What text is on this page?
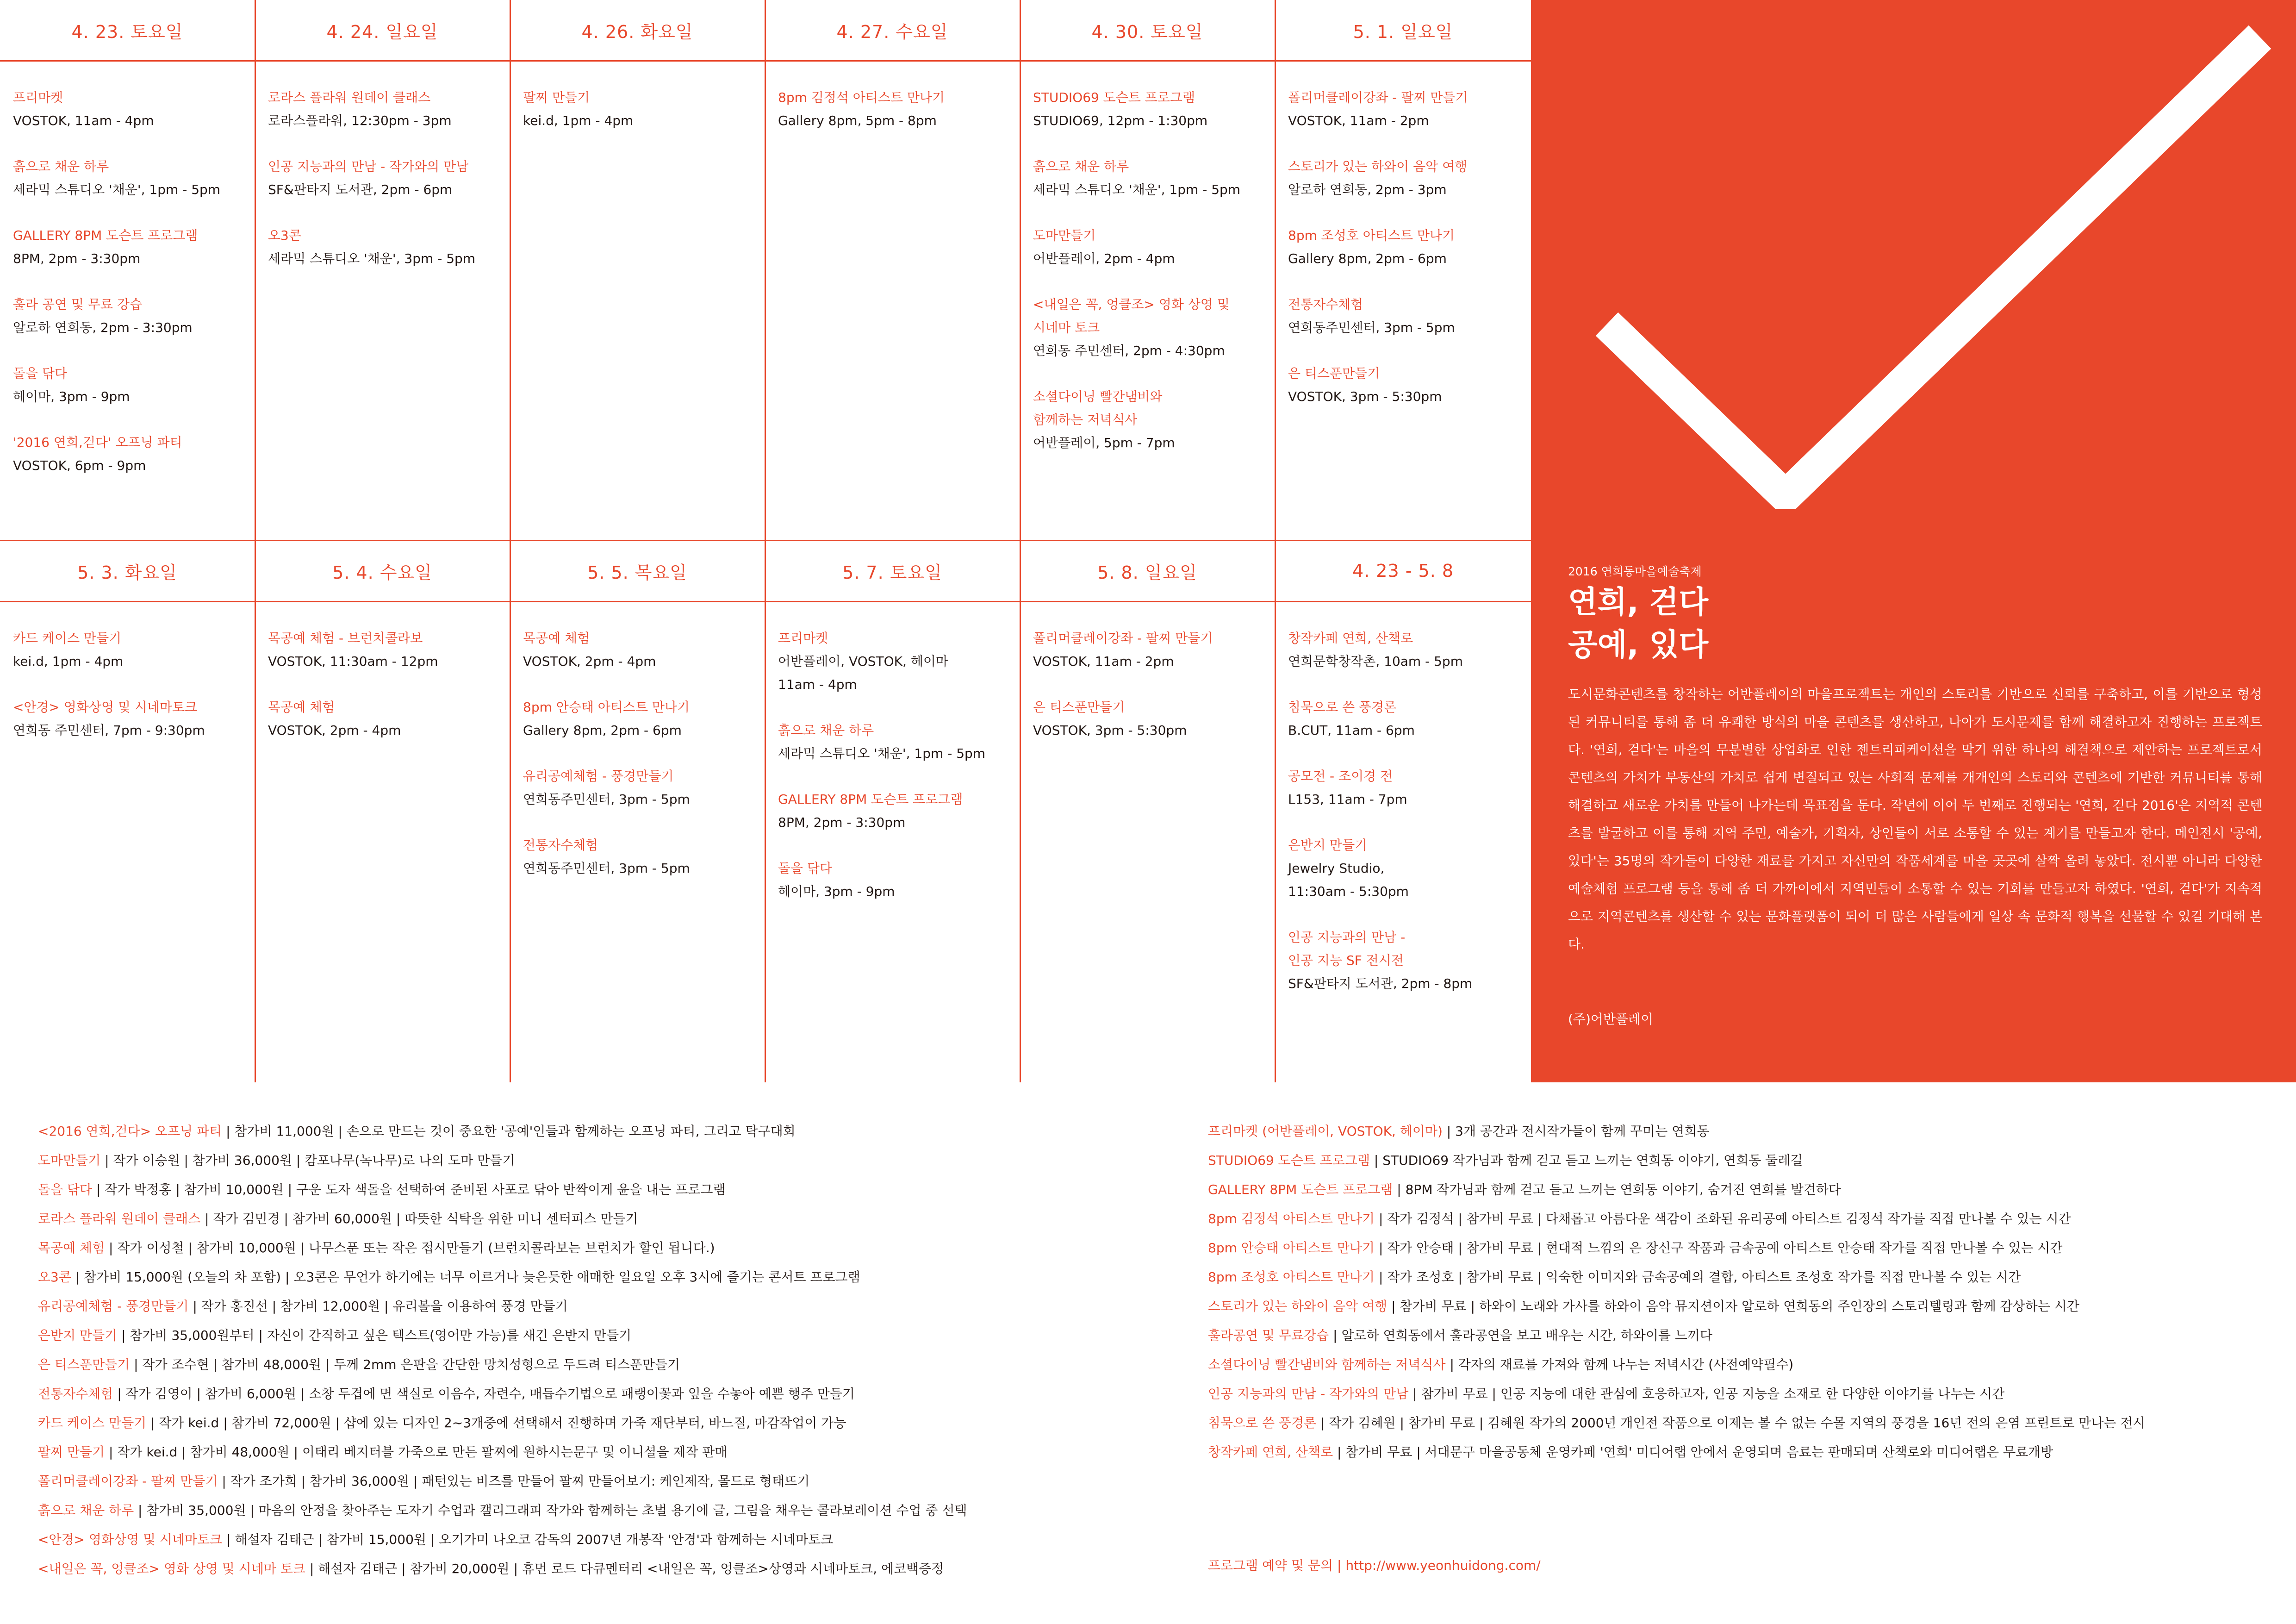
4. 23. 토요일
프리마켓
VOSTOK, 11am - 4pm
흙으로 채운 하루
세라믹 스튜디오 '채운', 1pm - 5pm
GALLERY 8PM 도슨트 프로그램
8PM, 2pm - 3:30pm
훌라 공연 및 무료 강습
알로하 연희동, 2pm - 3:30pm
돌을 닦다
헤이마, 3pm - 9pm
'2016 연희,걷다' 오프닝 파티
VOSTOK, 6pm - 9pm
4. 24. 일요일
로라스 플라워 원데이 클래스
로라스플라워, 12:30pm - 3pm
인공 지능과의 만남 - 작가와의 만남
SF&판타지 도서관, 2pm - 6pm
오3콘
세라믹 스튜디오 '채운', 3pm - 5pm
4. 26. 화요일
팔찌 만들기
kei.d, 1pm - 4pm
4. 27. 수요일
8pm 김정석 아티스트 만나기
Gallery 8pm, 5pm - 8pm
4. 30. 토요일
STUDIO69 도슨트 프로그램
STUDIO69, 12pm - 1:30pm
흙으로 채운 하루
세라믹 스튜디오 '채운', 1pm - 5pm
도마만들기
어반플레이, 2pm - 4pm
<내일은 꼭, 엉클조> 영화 상영 및
시네마 토크
연희동 주민센터, 2pm - 4:30pm
소셜다이닝 빨간냄비와
함께하는 저녁식사
어반플레이, 5pm - 7pm
5. 1. 일요일
폴리머클레이강좌 - 팔찌 만들기
VOSTOK, 11am - 2pm
스토리가 있는 하와이 음악 여행
알로하 연희동, 2pm - 3pm
8pm 조성호 아티스트 만나기
Gallery 8pm, 2pm - 6pm
전통자수체험
연희동주민센터, 3pm - 5pm
은 티스푼만들기
VOSTOK, 3pm - 5:30pm
5. 3. 화요일
카드 케이스 만들기
kei.d, 1pm - 4pm
<안경> 영화상영 및 시네마토크
연희동 주민센터, 7pm - 9:30pm
5. 4. 수요일
목공예 체험 - 브런치콜라보
VOSTOK, 11:30am - 12pm
목공예 체험
VOSTOK, 2pm - 4pm
5. 5. 목요일
목공예 체험
VOSTOK, 2pm - 4pm
8pm 안승태 아티스트 만나기
Gallery 8pm, 2pm - 6pm
유리공예체험 - 풍경만들기
연희동주민센터, 3pm - 5pm
전통자수체험
연희동주민센터, 3pm - 5pm
5. 7. 토요일
프리마켓
어반플레이, VOSTOK, 헤이마
11am - 4pm
흙으로 채운 하루
세라믹 스튜디오 '채운', 1pm - 5pm
GALLERY 8PM 도슨트 프로그램
8PM, 2pm - 3:30pm
돌을 닦다
헤이마, 3pm - 9pm
5. 8. 일요일
폴리머클레이강좌 - 팔찌 만들기
VOSTOK, 11am - 2pm
은 티스푼만들기
VOSTOK, 3pm - 5:30pm
4. 23 - 5. 8
창작카페 연희, 산책로
연희문학창작촌, 10am - 5pm
침묵으로 쓴 풍경론
B.CUT, 11am - 6pm
공모전 - 조이경 전
L153, 11am - 7pm
은반지 만들기
Jewelry Studio,
11:30am - 5:30pm
인공 지능과의 만남 -
인공 지능 SF 전시전
SF&판타지 도서관, 2pm - 8pm
2016 연희동마을예술축제
연희, 걷다
공예, 있다
도시문화콘텐츠를 창작하는 어반플레이의 마을프로젝트는 개인의 스토리를 기반으로 신뢰를 구축하고, 이를 기반으로 형성된 커뮤니티를 통해 좀 더 유쾌한 방식의 마을 콘텐츠를 생산하고, 나아가 도시문제를 함께 해결하고자 진행하는 프로젝트다. '연희, 걷다'는 마을의 무분별한 상업화로 인한 젠트리피케이션을 막기 위한 하나의 해결책으로 제안하는 프로젝트로서 콘텐츠의 가치가 부동산의 가치로 쉽게 변질되고 있는 사회적 문제를 개개인의 스토리와 콘텐츠에 기반한 커뮤니티를 통해 해결하고 새로운 가치를 만들어 나가는데 목표점을 둔다. 작년에 이어 두 번째로 진행되는 '연희, 걷다 2016'은 지역적 콘텐츠를 발굴하고 이를 통해 지역 주민, 예술가, 기획자, 상인들이 서로 소통할 수 있는 계기를 만들고자 한다. 메인전시 '공예, 있다'는 35명의 작가들이 다양한 재료를 가지고 자신만의 작품세계를 마을 곳곳에 살짝 올려 놓았다. 전시뿐 아니라 다양한 예술체험 프로그램 등을 통해 좀 더 가까이에서 지역민들이 소통할 수 있는 기회를 만들고자 하였다. '연희, 걷다'가 지속적으로 지역콘텐츠를 생산할 수 있는 문화플랫폼이 되어 더 많은 사람들에게 일상 속 문화적 행복을 선물할 수 있길 기대해 본다.
(주)어반플레이
<2016 연희,걷다> 오프닝 파티 | 참가비 11,000원 | 손으로 만드는 것이 중요한 '공예'인들과 함께하는 오프닝 파티, 그리고 탁구대회
도마만들기 | 작가 이승원 | 참가비 36,000원 | 캄포나무(녹나무)로 나의 도마 만들기
돌을 닦다 | 작가 박정홍 | 참가비 10,000원 | 구운 도자 색돌을 선택하여 준비된 사포로 닦아 반짝이게 윤을 내는 프로그램
로라스 플라워 원데이 클래스 | 작가 김민경 | 참가비 60,000원 | 따뜻한 식탁을 위한 미니 센터피스 만들기
목공예 체험 | 작가 이성철 | 참가비 10,000원 | 나무스푼 또는 작은 접시만들기 (브런치콜라보는 브런치가 할인 됩니다.)
오3콘 | 참가비 15,000원 (오늘의 차 포함) | 오3콘은 무언가 하기에는 너무 이르거나 늦은듯한 애매한 일요일 오후 3시에 즐기는 콘서트 프로그램
유리공예체험 - 풍경만들기 | 작가 홍진선 | 참가비 12,000원 | 유리볼을 이용하여 풍경 만들기
은반지 만들기 | 참가비 35,000원부터 | 자신이 간직하고 싶은 텍스트(영어만 가능)를 새긴 은반지 만들기
은 티스푼만들기 | 작가 조수현 | 참가비 48,000원 | 두께 2mm 은판을 간단한 망치성형으로 두드려 티스푼만들기
전통자수체험 | 작가 김영이 | 참가비 6,000원 | 소창 두겹에 면 색실로 이음수, 자련수, 매듭수기법으로 패랭이꽃과 잎을 수놓아 예쁜 행주 만들기
카드 케이스 만들기 | 작가 kei.d | 참가비 72,000원 | 샵에 있는 디자인 2~3개중에 선택해서 진행하며 가죽 재단부터, 바느질, 마감작업이 가능
팔찌 만들기 | 작가 kei.d | 참가비 48,000원 | 이태리 베지터블 가죽으로 만든 팔찌에 원하시는문구 및 이니셜을 제작 판매
폴리머클레이강좌 - 팔찌 만들기 | 작가 조가희 | 참가비 36,000원 | 패턴있는 비즈를 만들어 팔찌 만들어보기: 케인제작, 몰드로 형태뜨기
흙으로 채운 하루 | 참가비 35,000원 | 마음의 안정을 찾아주는 도자기 수업과 캘리그래피 작가와 함께하는 초벌 용기에 글, 그림을 채우는 콜라보레이션 수업 중 선택
<안경> 영화상영 및 시네마토크 | 해설자 김태근 | 참가비 15,000원 | 오기가미 나오코 감독의 2007년 개봉작 '안경'과 함께하는 시네마토크
<내일은 꼭, 엉클조> 영화 상영 및 시네마 토크 | 해설자 김태근 | 참가비 20,000원 | 휴먼 로드 다큐멘터리 <내일은 꼭, 엉클조>상영과 시네마토크, 에코백증정
프리마켓 (어반플레이, VOSTOK, 헤이마) | 3개 공간과 전시작가들이 함께 꾸미는 연희동
STUDIO69 도슨트 프로그램 | STUDIO69 작가님과 함께 걷고 듣고 느끼는 연희동 이야기, 연희동 둘레길
GALLERY 8PM 도슨트 프로그램 | 8PM 작가님과 함께 걷고 듣고 느끼는 연희동 이야기, 숨겨진 연희를 발견하다
8pm 김정석 아티스트 만나기 | 작가 김정석 | 참가비 무료 | 다채롭고 아름다운 색감이 조화된 유리공예 아티스트 김정석 작가를 직접 만나볼 수 있는 시간
8pm 안승태 아티스트 만나기 | 작가 안승태 | 참가비 무료 | 현대적 느낌의 은 장신구 작품과 금속공예 아티스트 안승태 작가를 직접 만나볼 수 있는 시간
8pm 조성호 아티스트 만나기 | 작가 조성호 | 참가비 무료 | 익숙한 이미지와 금속공예의 결합, 아티스트 조성호 작가를 직접 만나볼 수 있는 시간
스토리가 있는 하와이 음악 여행 | 참가비 무료 | 하와이 노래와 가사를 하와이 음악 뮤지션이자 알로하 연희동의 주인장의 스토리텔링과 함께 감상하는 시간
훌라공연 및 무료강습 | 알로하 연희동에서 훌라공연을 보고 배우는 시간, 하와이를 느끼다
소셜다이닝 빨간냄비와 함께하는 저녁식사 | 각자의 재료를 가져와 함께 나누는 저녁시간 (사전예약필수)
인공 지능과의 만남 - 작가와의 만남 | 참가비 무료 | 인공 지능에 대한 관심에 호응하고자, 인공 지능을 소재로 한 다양한 이야기를 나누는 시간
침묵으로 쓴 풍경론 | 작가 김혜원 | 참가비 무료 | 김혜원 작가의 2000년 개인전 작품으로 이제는 볼 수 없는 수몰 지역의 풍경을 16년 전의 은염 프린트로 만나는 전시
창작카페 연희, 산책로 | 참가비 무료 | 서대문구 마을공동체 운영카페 '연희' 미디어랩 안에서 운영되며 음료는 판매되며 산책로와 미디어랩은 무료개방
프로그램 예약 및 문의 | http://www.yeonhuidong.com/
